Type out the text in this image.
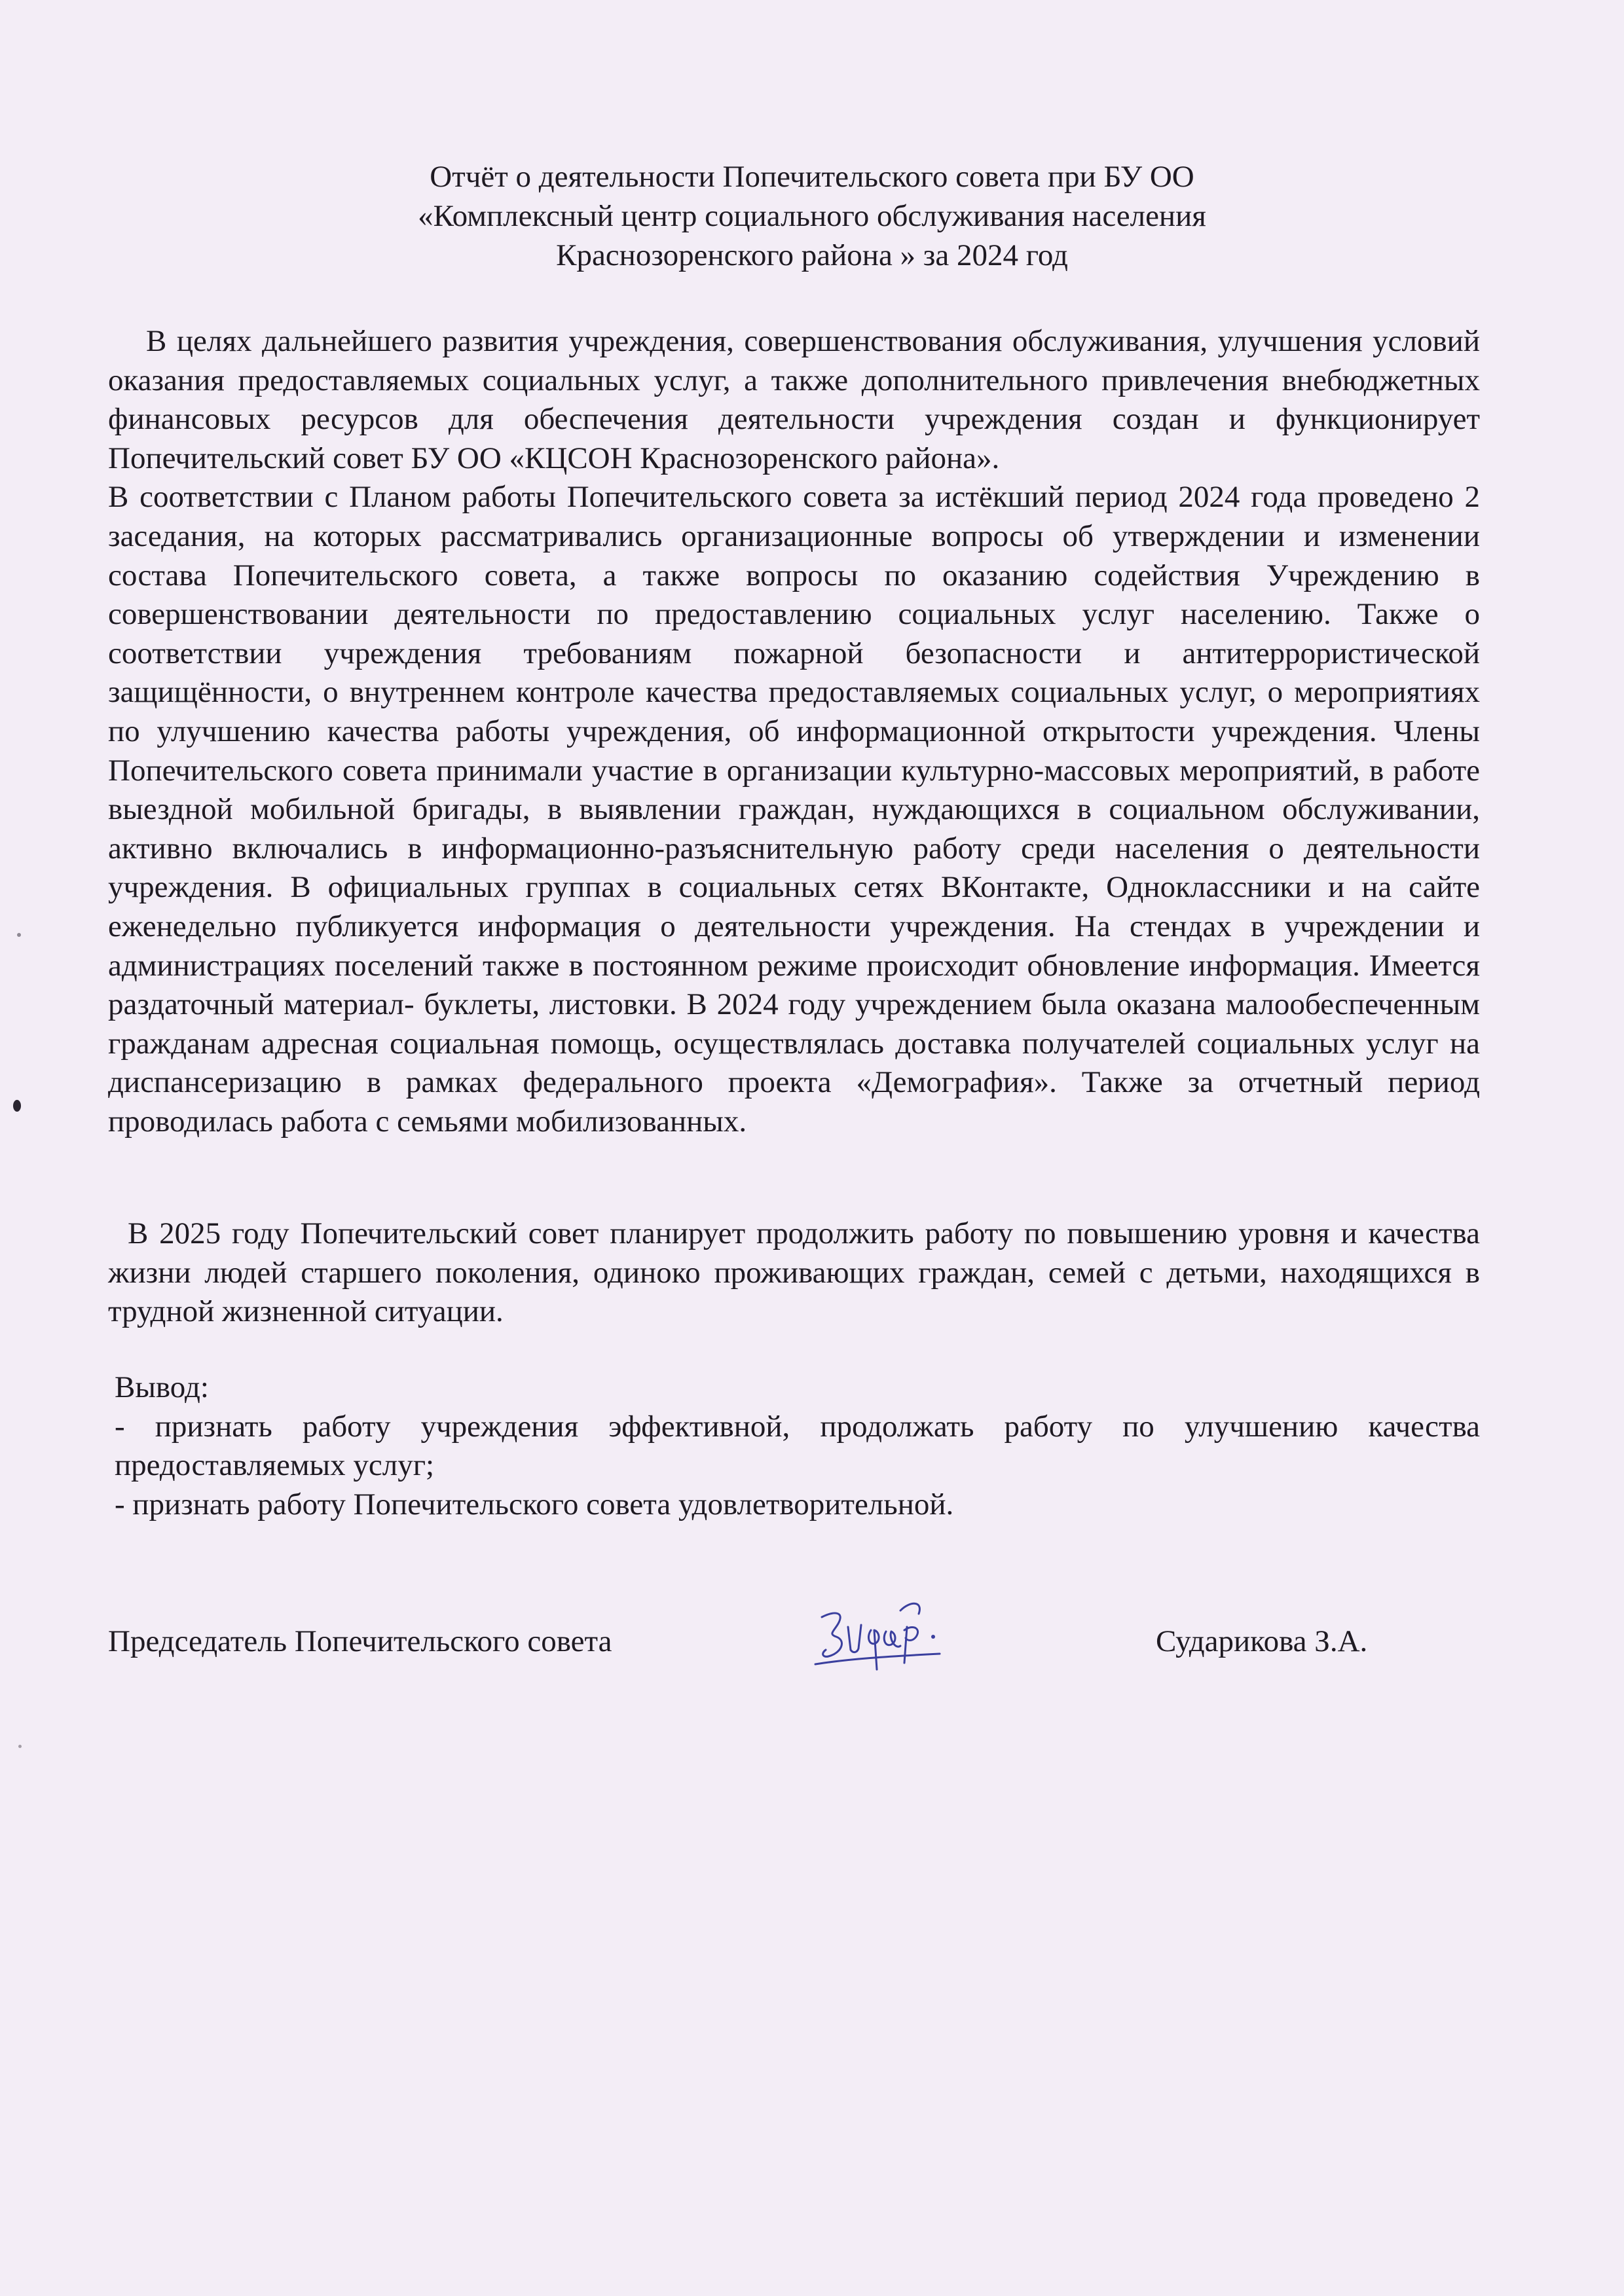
Отчёт о деятельности Попечительского совета при БУ ОО
«Комплексный центр социального обслуживания населения
Краснозоренского района » за 2024 год

В целях дальнейшего развития учреждения, совершенствования обслуживания, улучшения условий оказания предоставляемых социальных услуг, а также дополнительного привлечения внебюджетных финансовых ресурсов для обеспечения деятельности учреждения создан и функционирует Попечительский совет БУ ОО «КЦСОН Краснозоренского района».

В соответствии с Планом работы Попечительского совета за истёкший период 2024 года проведено 2 заседания, на которых рассматривались организационные вопросы об утверждении и изменении состава Попечительского совета, а также вопросы по оказанию содействия Учреждению в совершенствовании деятельности по предоставлению социальных услуг населению. Также о соответствии учреждения требованиям пожарной безопасности и антитеррористической защищённости, о внутреннем контроле качества предоставляемых социальных услуг, о мероприятиях по улучшению качества работы учреждения, об информационной открытости учреждения. Члены Попечительского совета принимали участие в организации культурно-массовых мероприятий, в работе выездной мобильной бригады, в выявлении граждан, нуждающихся в социальном обслуживании, активно включались в информационно-разъяснительную работу среди населения о деятельности учреждения. В официальных группах в социальных сетях ВКонтакте, Одноклассники и на сайте еженедельно публикуется информация о деятельности учреждения. На стендах в учреждении и администрациях поселений также в постоянном режиме происходит обновление информация. Имеется раздаточный материал- буклеты, листовки. В 2024 году учреждением была оказана малообеспеченным гражданам адресная социальная помощь, осуществлялась доставка получателей социальных услуг на диспансеризацию в рамках федерального проекта «Демография». Также за отчетный период проводилась работа с семьями мобилизованных.

В 2025 году Попечительский совет планирует продолжить работу по повышению уровня и качества жизни людей старшего поколения, одиноко проживающих граждан, семей с детьми, находящихся в трудной жизненной ситуации.

Вывод:

- признать работу учреждения эффективной, продолжать работу по улучшению качества предоставляемых услуг;

- признать работу Попечительского совета удовлетворительной.

Председатель Попечительского совета	Сударикова З.А.
